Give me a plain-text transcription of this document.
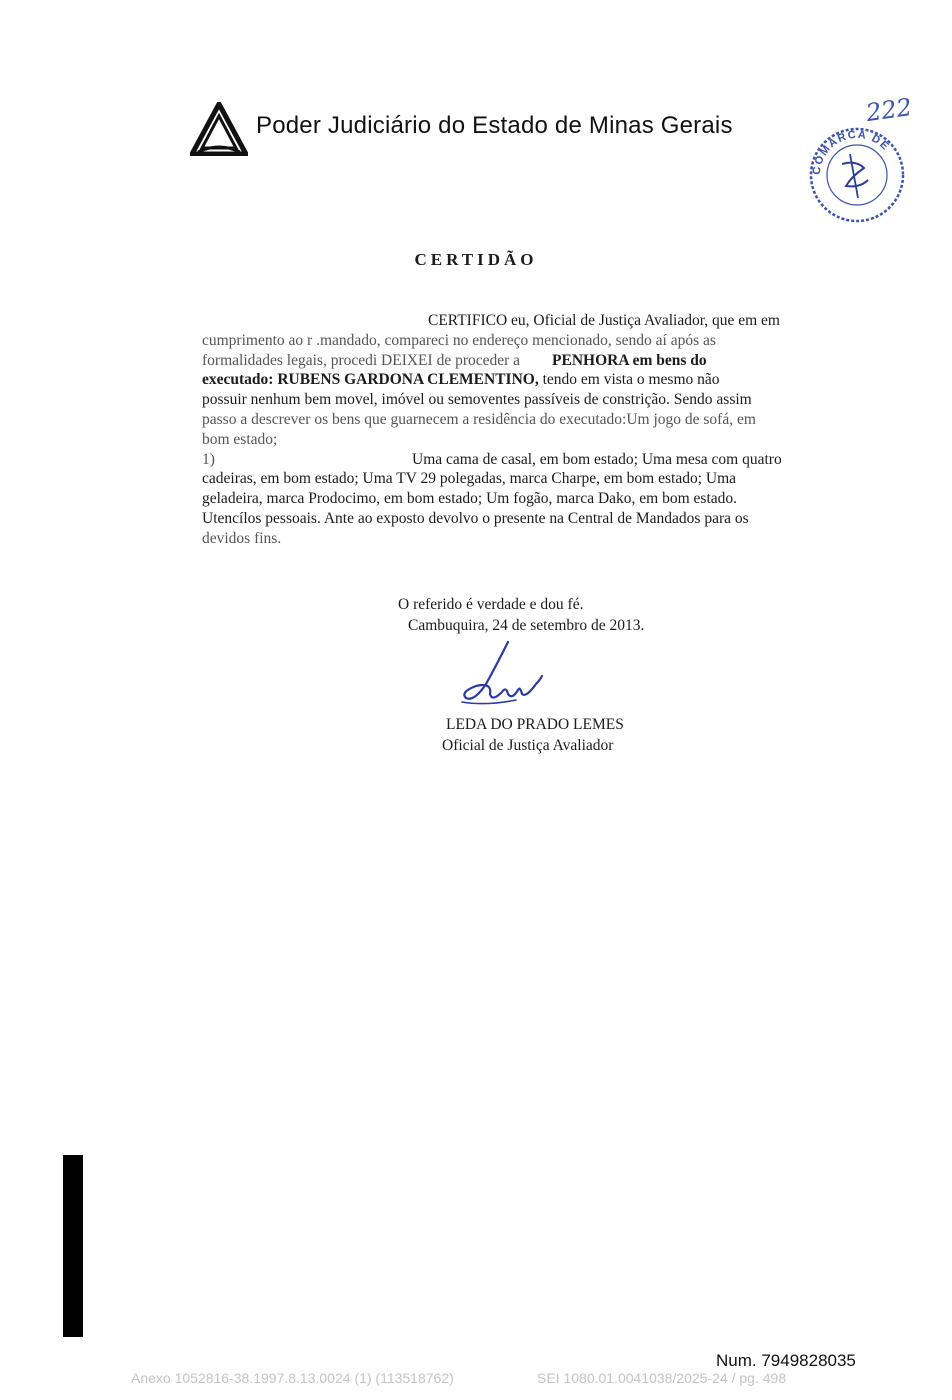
Poder Judiciário do Estado de Minas Gerais	222
COMARCA DE
CERTIDÃO
CERTIFICO eu, Oficial de Justiça Avaliador, que em em
cumprimento ao r .mandado, compareci no endereço mencionado, sendo aí após as
formalidades legais, procedi DEIXEI de proceder a PENHORA em bens do
executado: RUBENS GARDONA CLEMENTINO, tendo em vista o mesmo não
possuir nenhum bem movel, imóvel ou semoventes passíveis de constrição. Sendo assim
passo a descrever os bens que guarnecem a residência do executado:Um jogo de sofá, em
bom estado;
1)	Uma cama de casal, em bom estado; Uma mesa com quatro
cadeiras, em bom estado; Uma TV 29 polegadas, marca Charpe, em bom estado; Uma
geladeira, marca Prodocimo, em bom estado; Um fogão, marca Dako, em bom estado.
Utencílos pessoais. Ante ao exposto devolvo o presente na Central de Mandados para os
devidos fins.
O referido é verdade e dou fé.
Cambuquira, 24 de setembro de 2013.
LEDA DO PRADO LEMES
Oficial de Justiça Avaliador
Num. 7949828035
Anexo 1052816-38.1997.8.13.0024 (1) (113518762)	SEI 1080.01.0041038/2025-24 / pg. 498
